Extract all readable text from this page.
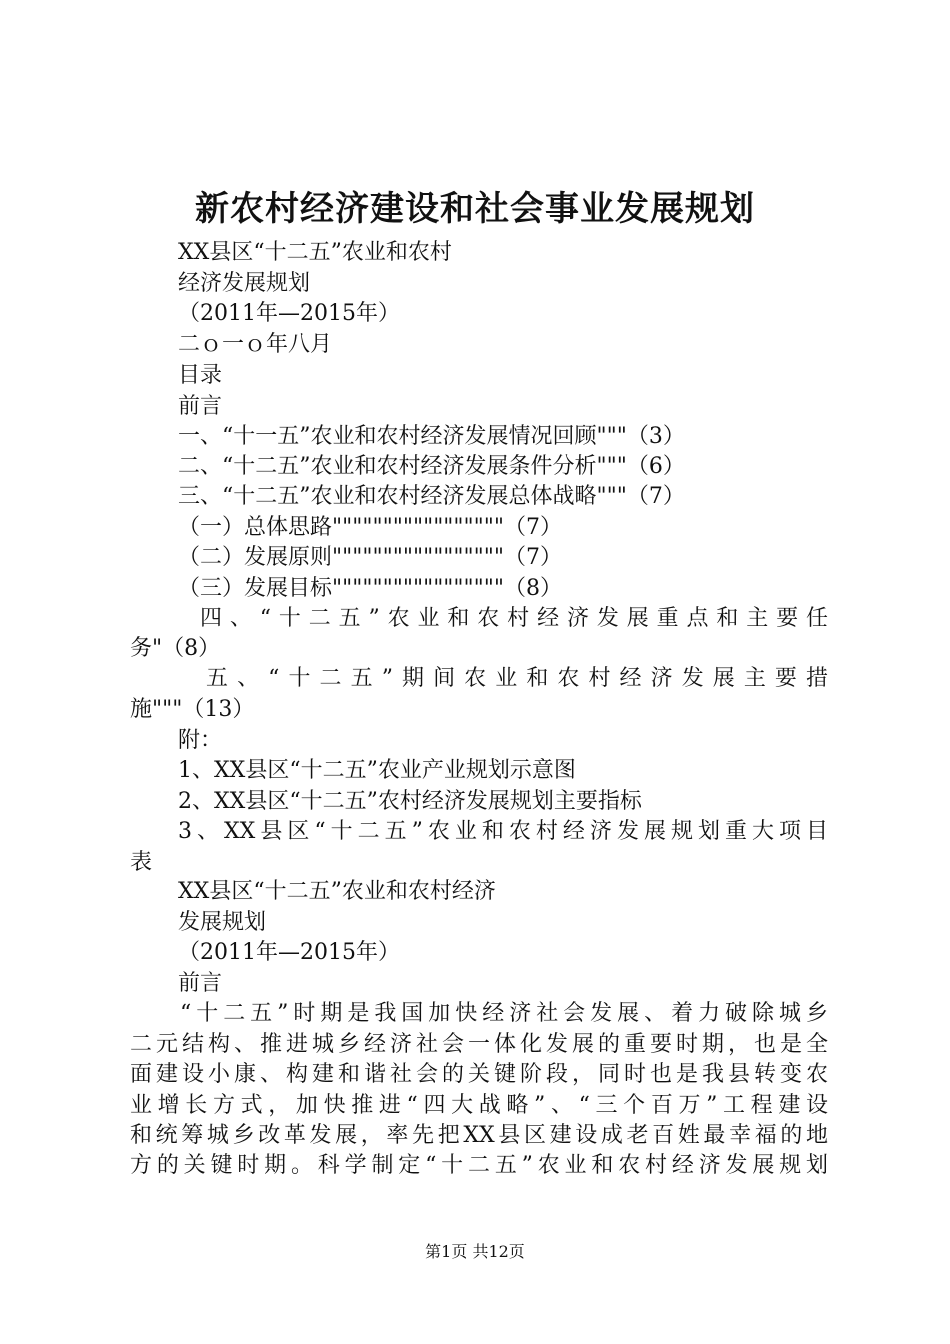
新农村经济建设和社会事业发展规划
XX县区“十二五”农业和农村
经济发展规划
（2011年—2015年）
二ｏ一ｏ年八月
目录
前言
一、“十一五”农业和农村经济发展情况回顾"""（3）
二、“十二五”农业和农村经济发展条件分析"""（6）
三、“十二五”农业和农村经济发展总体战略"""（7）
（一）总体思路"""""""""""""""""（7）
（二）发展原则"""""""""""""""""（7）
（三）发展目标"""""""""""""""""（8）
四、“十二五”农业和农村经济发展重点和主要任
务"（8）
五、“十二五”期间农业和农村经济发展主要措
施"""（13）
附：
1、XX县区“十二五”农业产业规划示意图
2、XX县区“十二五”农村经济发展规划主要指标
3、XX县区“十二五”农业和农村经济发展规划重大项目
表
XX县区“十二五”农业和农村经济
发展规划
（2011年—2015年）
前言
“十二五”时期是我国加快经济社会发展、着力破除城乡
二元结构、推进城乡经济社会一体化发展的重要时期，也是全
面建设小康、构建和谐社会的关键阶段，同时也是我县转变农
业增长方式，加快推进“四大战略”、“三个百万”工程建设
和统筹城乡改革发展，率先把XX县区建设成老百姓最幸福的地
方的关键时期。科学制定“十二五”农业和农村经济发展规划
第1页 共12页
